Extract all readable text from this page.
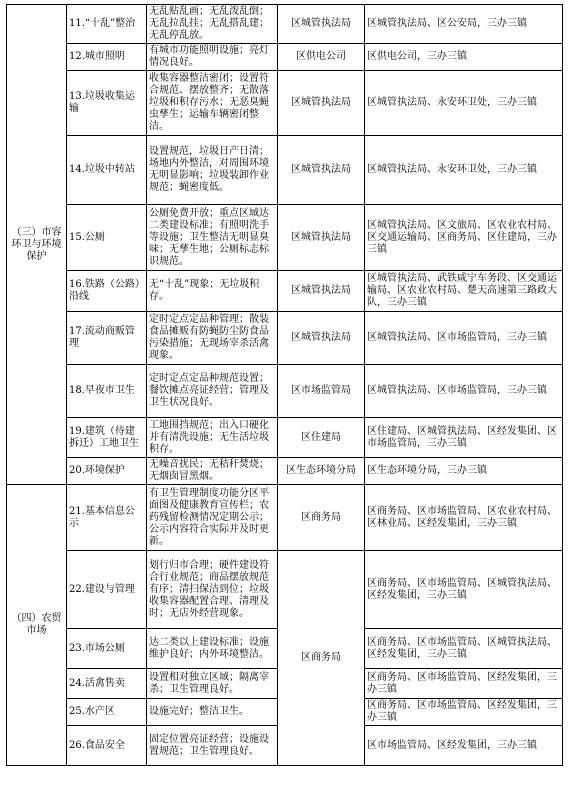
（三）市容环卫与环境保护	11.“十乱”整治	无乱贴乱画；无乱泼乱倒；无乱拉乱挂；无乱搭乱建；无乱停乱放。	区城管执法局	区城管执法局、区公安局，三办三镇
	12.城市照明	有城市功能照明设施；亮灯情况良好。	区供电公司	区供电公司，三办三镇
	13.垃圾收集运输	收集容器整洁密闭；设置符合规范、摆放整齐；无散落垃圾和积存污水；无恶臭蝇虫孳生；运输车辆密闭整洁。	区城管执法局	区城管执法局、永安环卫处，三办三镇
	14.垃圾中转站	设置规范，垃圾日产日清；场地内外整洁，对周围环境无明显影响；垃圾装卸作业规范；蝇密度低。	区城管执法局	区城管执法局、永安环卫处，三办三镇
	15.公厕	公厕免费开放；重点区域达二类建设标准；有照明洗手等设施；卫生整洁无明显臭味；无孳生地；公厕标志标识规范。	区城管执法局	区城管执法局、区文旅局、区农业农村局、区交通运输局、区商务局、区住建局，三办三镇
	16.铁路（公路）沿线	无“十乱”现象；无垃圾积存。	区城管执法局	区城管执法局、武铁咸宁车务段、区交通运输局、区农业农村局、楚天高速第三路政大队，三办三镇
	17.流动商贩管理	定时定点定品种管理；散装食品摊贩有防蝇防尘防食品污染措施；无现场宰杀活禽现象。	区城管执法局	区城管执法局、区市场监管局，三办三镇
	18.早夜市卫生	定时定点定品种规范设置；餐饮摊点亮证经营；管理及卫生状况良好。	区市场监管局	区城管执法局、区市场监管局，三办三镇
	19.建筑（待建拆迁）工地卫生	工地围挡规范；出入口硬化并有清洗设施；无生活垃圾积存。	区住建局	区住建局、区城管执法局、区经发集团、区市场监管局，三办三镇
	20.环境保护	无噪音扰民；无秸秆焚烧；无烟囱冒黑烟。	区生态环境分局	区生态环境分局，三办三镇
（四）农贸市场	21.基本信息公示	有卫生管理制度功能分区平面图及健康教育宣传栏；农药残留检测情况定期公示；公示内容符合实际并及时更新。	区商务局	区商务局、区市场监管局、区农业农村局、区林业局、区经发集团，三办三镇
	22.建设与管理	划行归市合理；硬件建设符合行业规范；商品摆放规范有序；清扫保洁到位；垃圾收集容器配置合理、清理及时；无店外经营现象。	区商务局	区商务局、区市场监管局、区城管执法局、区经发集团，三办三镇
	23.市场公厕	达二类以上建设标准；设施维护良好；内外环境整洁。		区商务局、区市场监管局、区城管执法局、区经发集团，三办三镇
	24.活禽售卖	设置相对独立区域；隔离宰杀；卫生管理良好。		区商务局、区市场监管局、区经发集团，三办三镇
	25.水产区	设施完好；整洁卫生。		区商务局、区市场监管局、区经发集团，三办三镇
	26.食品安全	固定位置亮证经营；设施设置规范；卫生管理良好。		区市场监管局、区经发集团，三办三镇
